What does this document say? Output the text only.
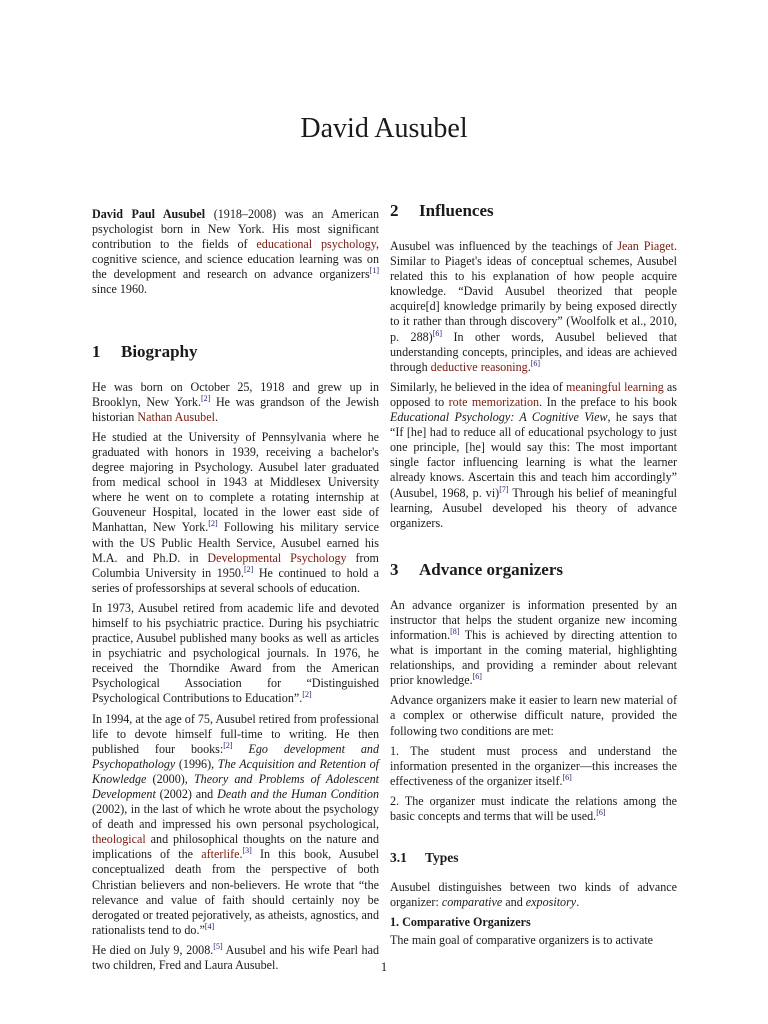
David Ausubel

David Paul Ausubel (1918–2008) was an American psychologist born in New York. His most significant contribution to the fields of educational psychology, cognitive science, and science education learning was on the development and research on advance organizers[1] since 1960.

1 Biography

He was born on October 25, 1918 and grew up in Brooklyn, New York.[2] He was grandson of the Jewish historian Nathan Ausubel.

He studied at the University of Pennsylvania where he graduated with honors in 1939, receiving a bachelor's degree majoring in Psychology. Ausubel later graduated from medical school in 1943 at Middlesex University where he went on to complete a rotating internship at Gouveneur Hospital, located in the lower east side of Manhattan, New York.[2] Following his military service with the US Public Health Service, Ausubel earned his M.A. and Ph.D. in Developmental Psychology from Columbia University in 1950.[2] He continued to hold a series of professorships at several schools of education.

In 1973, Ausubel retired from academic life and devoted himself to his psychiatric practice. During his psychiatric practice, Ausubel published many books as well as articles in psychiatric and psychological journals. In 1976, he received the Thorndike Award from the American Psychological Association for “Distinguished Psychological Contributions to Education”.[2]

In 1994, at the age of 75, Ausubel retired from professional life to devote himself full-time to writing. He then published four books:[2] Ego development and Psychopathology (1996), The Acquisition and Retention of Knowledge (2000), Theory and Problems of Adolescent Development (2002) and Death and the Human Condition (2002), in the last of which he wrote about the psychology of death and impressed his own personal psychological, theological and philosophical thoughts on the nature and implications of the afterlife.[3] In this book, Ausubel conceptualized death from the perspective of both Christian believers and non-believers. He wrote that “the relevance and value of faith should certainly noy be derogated or treated pejoratively, as atheists, agnostics, and rationalists tend to do.”[4]

He died on July 9, 2008.[5] Ausubel and his wife Pearl had two children, Fred and Laura Ausubel.

2 Influences

Ausubel was influenced by the teachings of Jean Piaget. Similar to Piaget's ideas of conceptual schemes, Ausubel related this to his explanation of how people acquire knowledge. “David Ausubel theorized that people acquire[d] knowledge primarily by being exposed directly to it rather than through discovery” (Woolfolk et al., 2010, p. 288)[6] In other words, Ausubel believed that understanding concepts, principles, and ideas are achieved through deductive reasoning.[6]

Similarly, he believed in the idea of meaningful learning as opposed to rote memorization. In the preface to his book Educational Psychology: A Cognitive View, he says that “If [he] had to reduce all of educational psychology to just one principle, [he] would say this: The most important single factor influencing learning is what the learner already knows. Ascertain this and teach him accordingly” (Ausubel, 1968, p. vi)[7] Through his belief of meaningful learning, Ausubel developed his theory of advance organizers.

3 Advance organizers

An advance organizer is information presented by an instructor that helps the student organize new incoming information.[8] This is achieved by directing attention to what is important in the coming material, highlighting relationships, and providing a reminder about relevant prior knowledge.[6]

Advance organizers make it easier to learn new material of a complex or otherwise difficult nature, provided the following two conditions are met:

1. The student must process and understand the information presented in the organizer—this increases the effectiveness of the organizer itself.[6]

2. The organizer must indicate the relations among the basic concepts and terms that will be used.[6]

3.1 Types

Ausubel distinguishes between two kinds of advance organizer: comparative and expository.

1. Comparative Organizers

The main goal of comparative organizers is to activate

1
